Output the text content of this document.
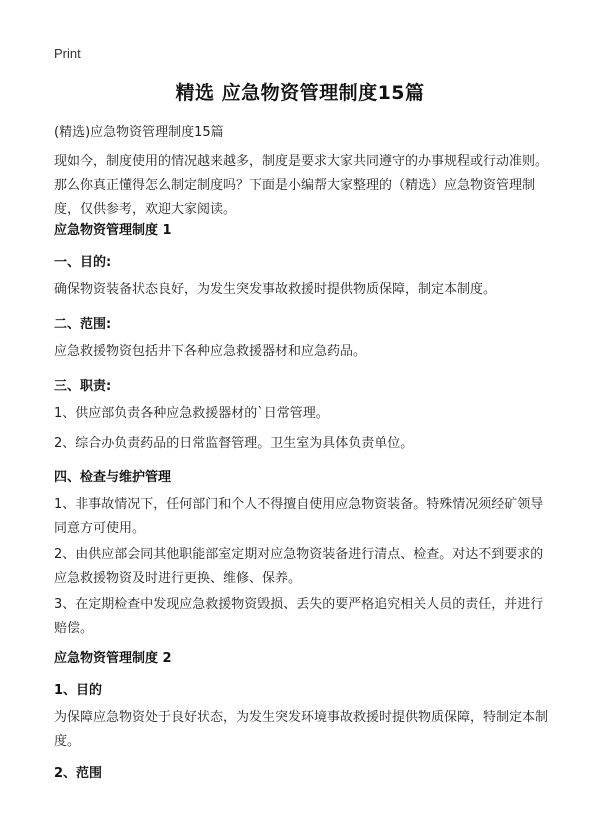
Print
精选 应急物资管理制度15篇
(精选)应急物资管理制度15篇

现如今，制度使用的情况越来越多，制度是要求大家共同遵守的办事规程或行动准则。那么你真正懂得怎么制定制度吗？下面是小编帮大家整理的（精选）应急物资管理制度，仅供参考，欢迎大家阅读。

应急物资管理制度 1

一、目的:

确保物资装备状态良好，为发生突发事故救援时提供物质保障，制定本制度。

二、范围:

应急救援物资包括井下各种应急救援器材和应急药品。

三、职责:

1、供应部负责各种应急救援器材的`日常管理。

2、综合办负责药品的日常监督管理。卫生室为具体负责单位。

四、检查与维护管理

1、非事故情况下，任何部门和个人不得擅自使用应急物资装备。特殊情况须经矿领导同意方可使用。

2、由供应部会同其他职能部室定期对应急物资装备进行清点、检查。对达不到要求的应急救援物资及时进行更换、维修、保养。

3、在定期检查中发现应急救援物资毁损、丢失的要严格追究相关人员的责任，并进行赔偿。

应急物资管理制度 2

1、目的

为保障应急物资处于良好状态，为发生突发环境事故救援时提供物质保障，特制定本制度。

2、范围
